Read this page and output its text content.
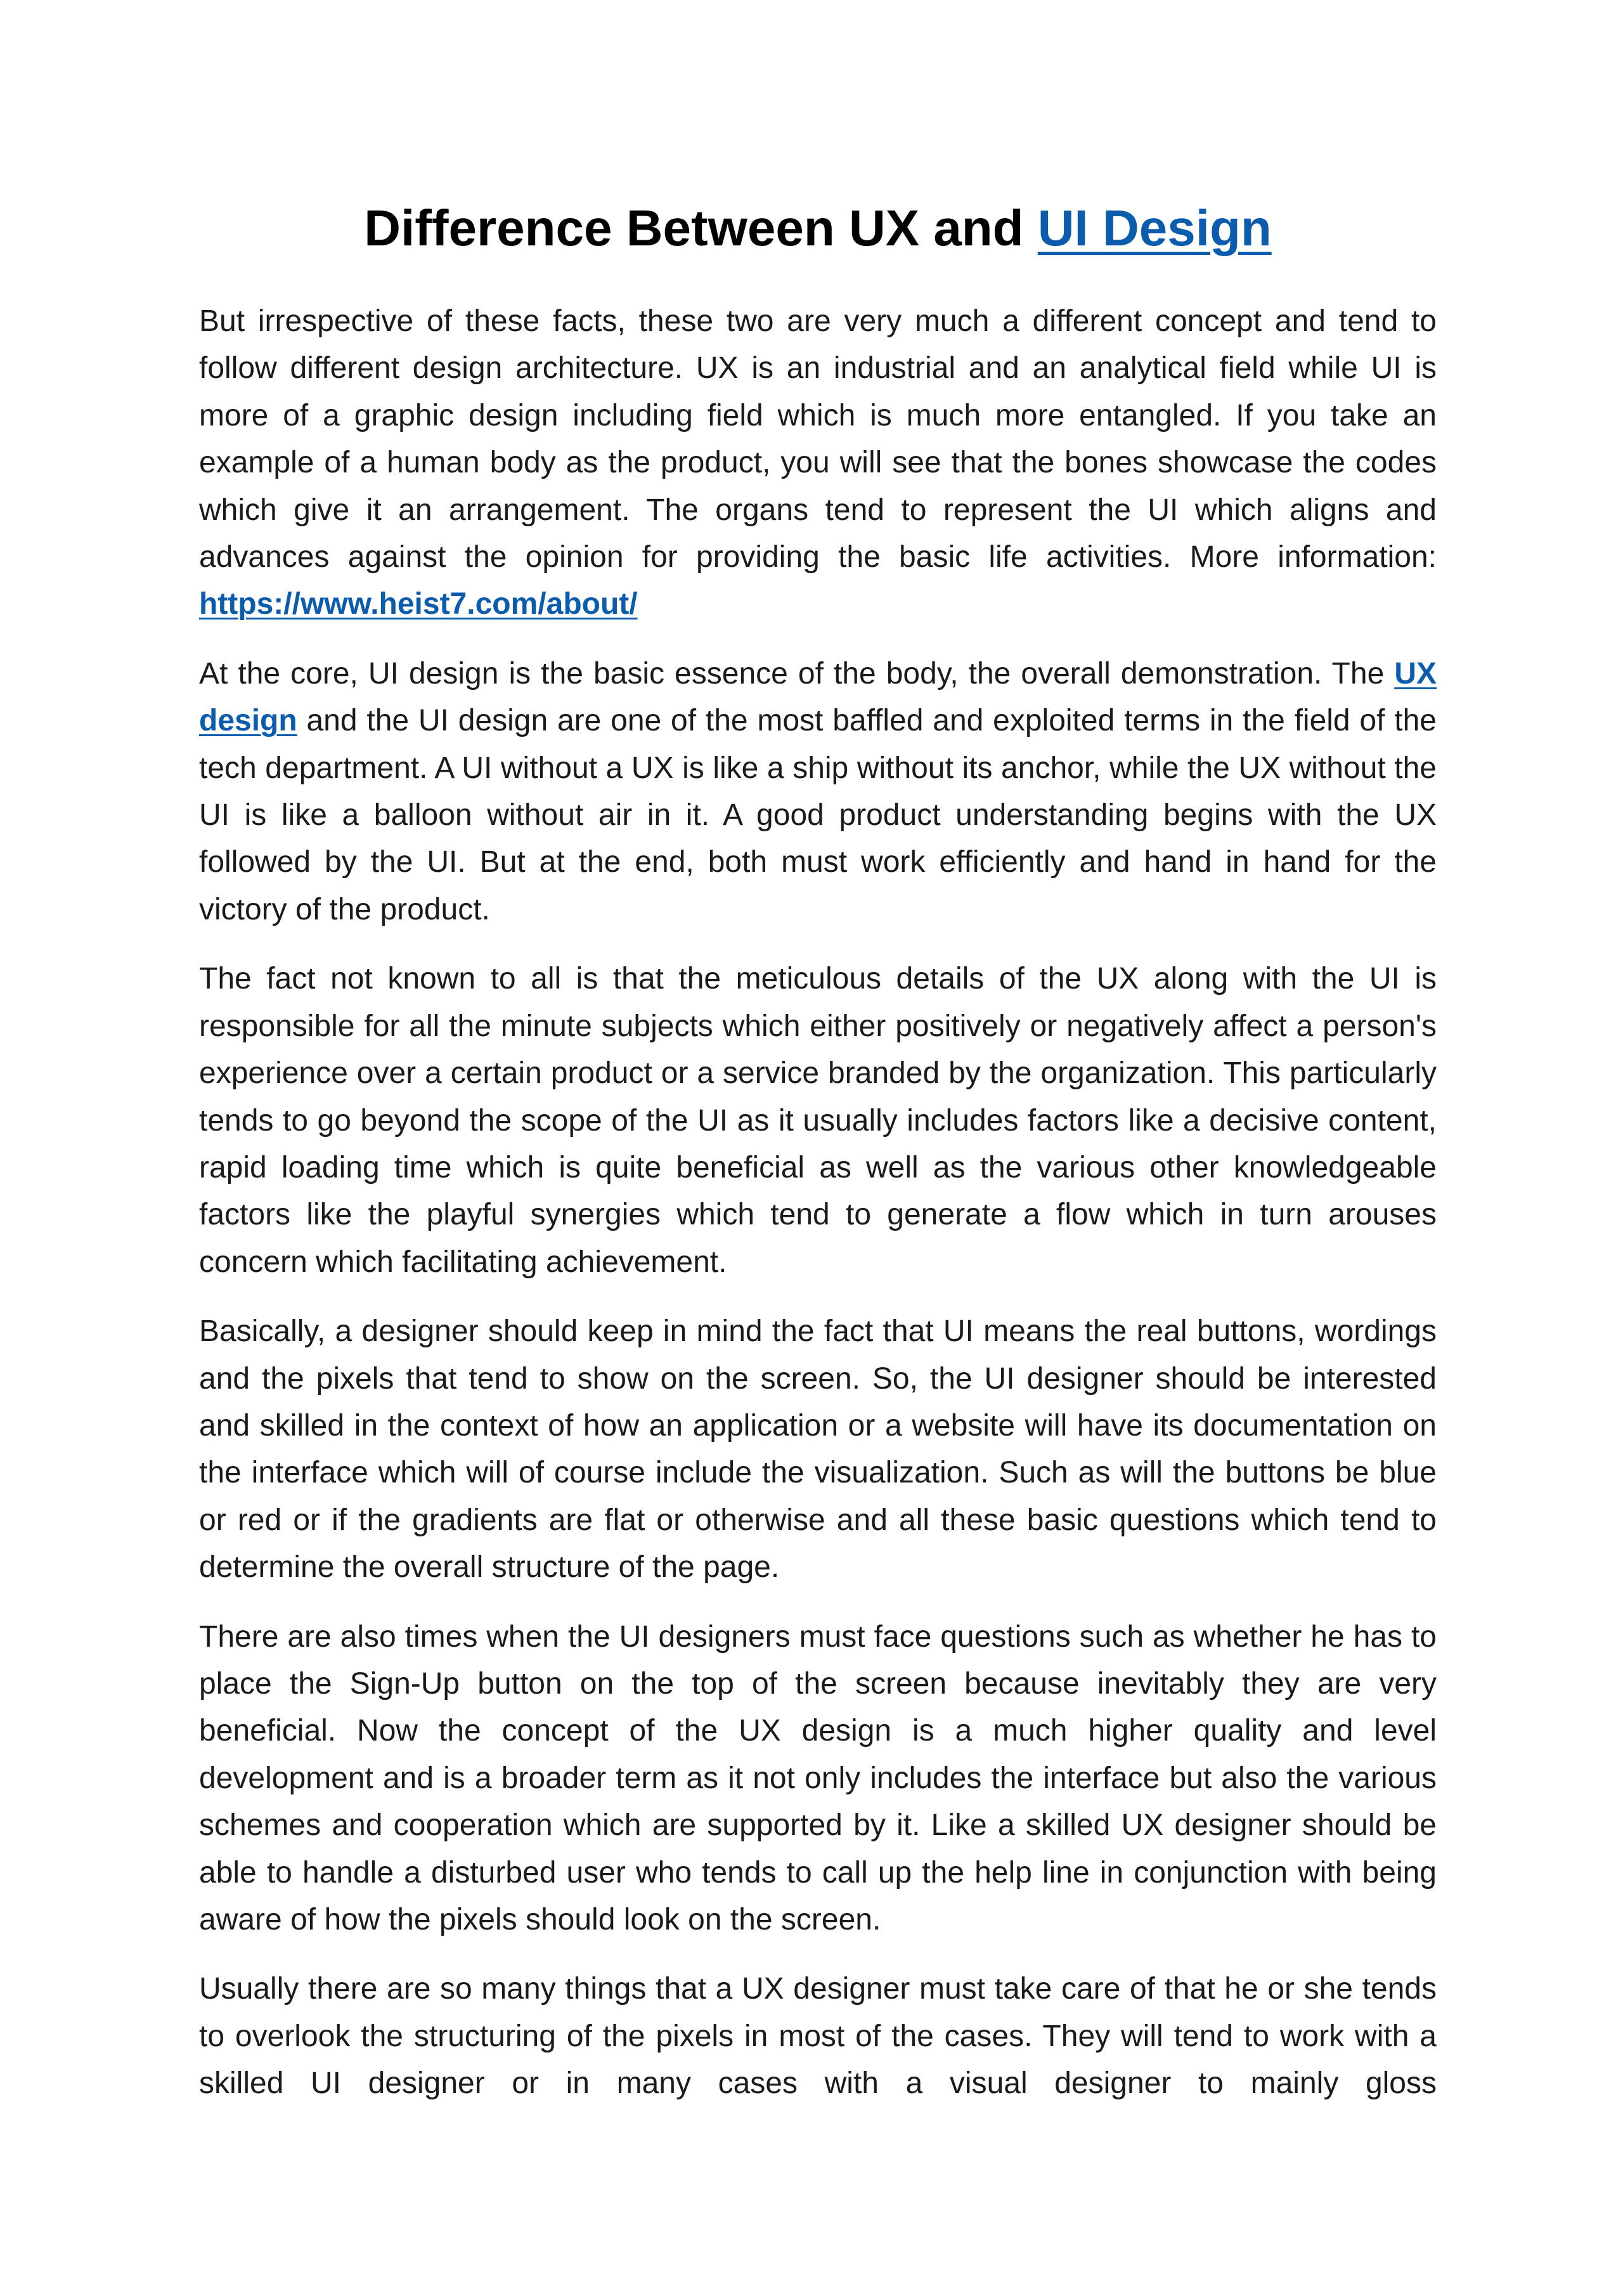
Difference Between UX and UI Design

But irrespective of these facts, these two are very much a different concept and tend to follow different design architecture. UX is an industrial and an analytical field while UI is more of a graphic design including field which is much more entangled. If you take an example of a human body as the product, you will see that the bones showcase the codes which give it an arrangement. The organs tend to represent the UI which aligns and advances against the opinion for providing the basic life activities. More information: https://www.heist7.com/about/

At the core, UI design is the basic essence of the body, the overall demonstration. The UX design and the UI design are one of the most baffled and exploited terms in the field of the tech department. A UI without a UX is like a ship without its anchor, while the UX without the UI is like a balloon without air in it. A good product understanding begins with the UX followed by the UI. But at the end, both must work efficiently and hand in hand for the victory of the product.

The fact not known to all is that the meticulous details of the UX along with the UI is responsible for all the minute subjects which either positively or negatively affect a person's experience over a certain product or a service branded by the organization. This particularly tends to go beyond the scope of the UI as it usually includes factors like a decisive content, rapid loading time which is quite beneficial as well as the various other knowledgeable factors like the playful synergies which tend to generate a flow which in turn arouses concern which facilitating achievement.

Basically, a designer should keep in mind the fact that UI means the real buttons, wordings and the pixels that tend to show on the screen. So, the UI designer should be interested and skilled in the context of how an application or a website will have its documentation on the interface which will of course include the visualization. Such as will the buttons be blue or red or if the gradients are flat or otherwise and all these basic questions which tend to determine the overall structure of the page.

There are also times when the UI designers must face questions such as whether he has to place the Sign-Up button on the top of the screen because inevitably they are very beneficial. Now the concept of the UX design is a much higher quality and level development and is a broader term as it not only includes the interface but also the various schemes and cooperation which are supported by it. Like a skilled UX designer should be able to handle a disturbed user who tends to call up the help line in conjunction with being aware of how the pixels should look on the screen.

Usually there are so many things that a UX designer must take care of that he or she tends to overlook the structuring of the pixels in most of the cases. They will tend to work with a skilled UI designer or in many cases with a visual designer to mainly gloss
